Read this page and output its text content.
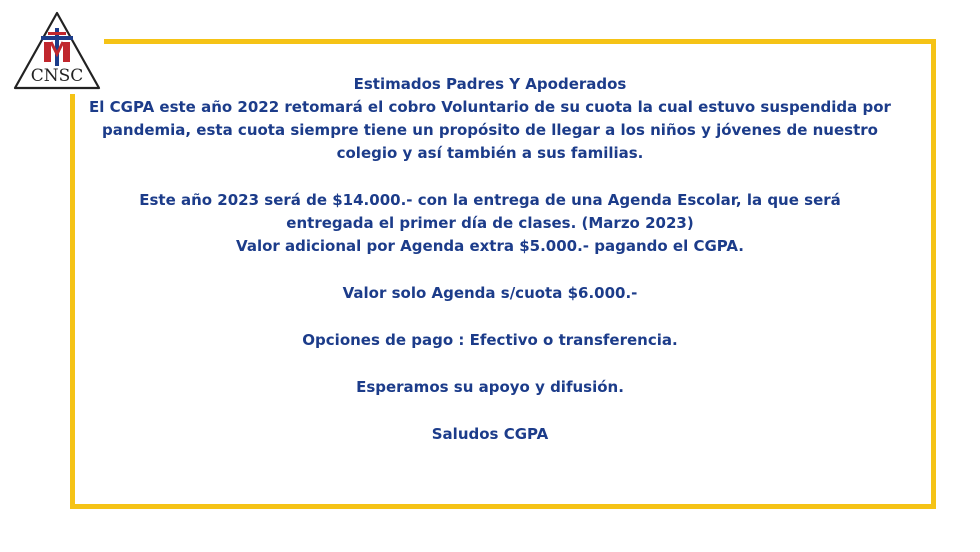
CNSC	Estimados Padres Y Apoderados

El CGPA este año 2022 retomará el cobro Voluntario de su cuota la cual estuvo suspendida por

pandemia, esta cuota siempre tiene un propósito de llegar a los niños y jóvenes de nuestro

colegio y así también a sus familias.

Este año 2023 será de $14.000.- con la entrega de una Agenda Escolar, la que será

entregada el primer día de clases. (Marzo 2023)

Valor adicional por Agenda extra $5.000.- pagando el CGPA.

Valor solo Agenda s/cuota $6.000.-

Opciones de pago : Efectivo o transferencia.

Esperamos su apoyo y difusión.

Saludos CGPA
